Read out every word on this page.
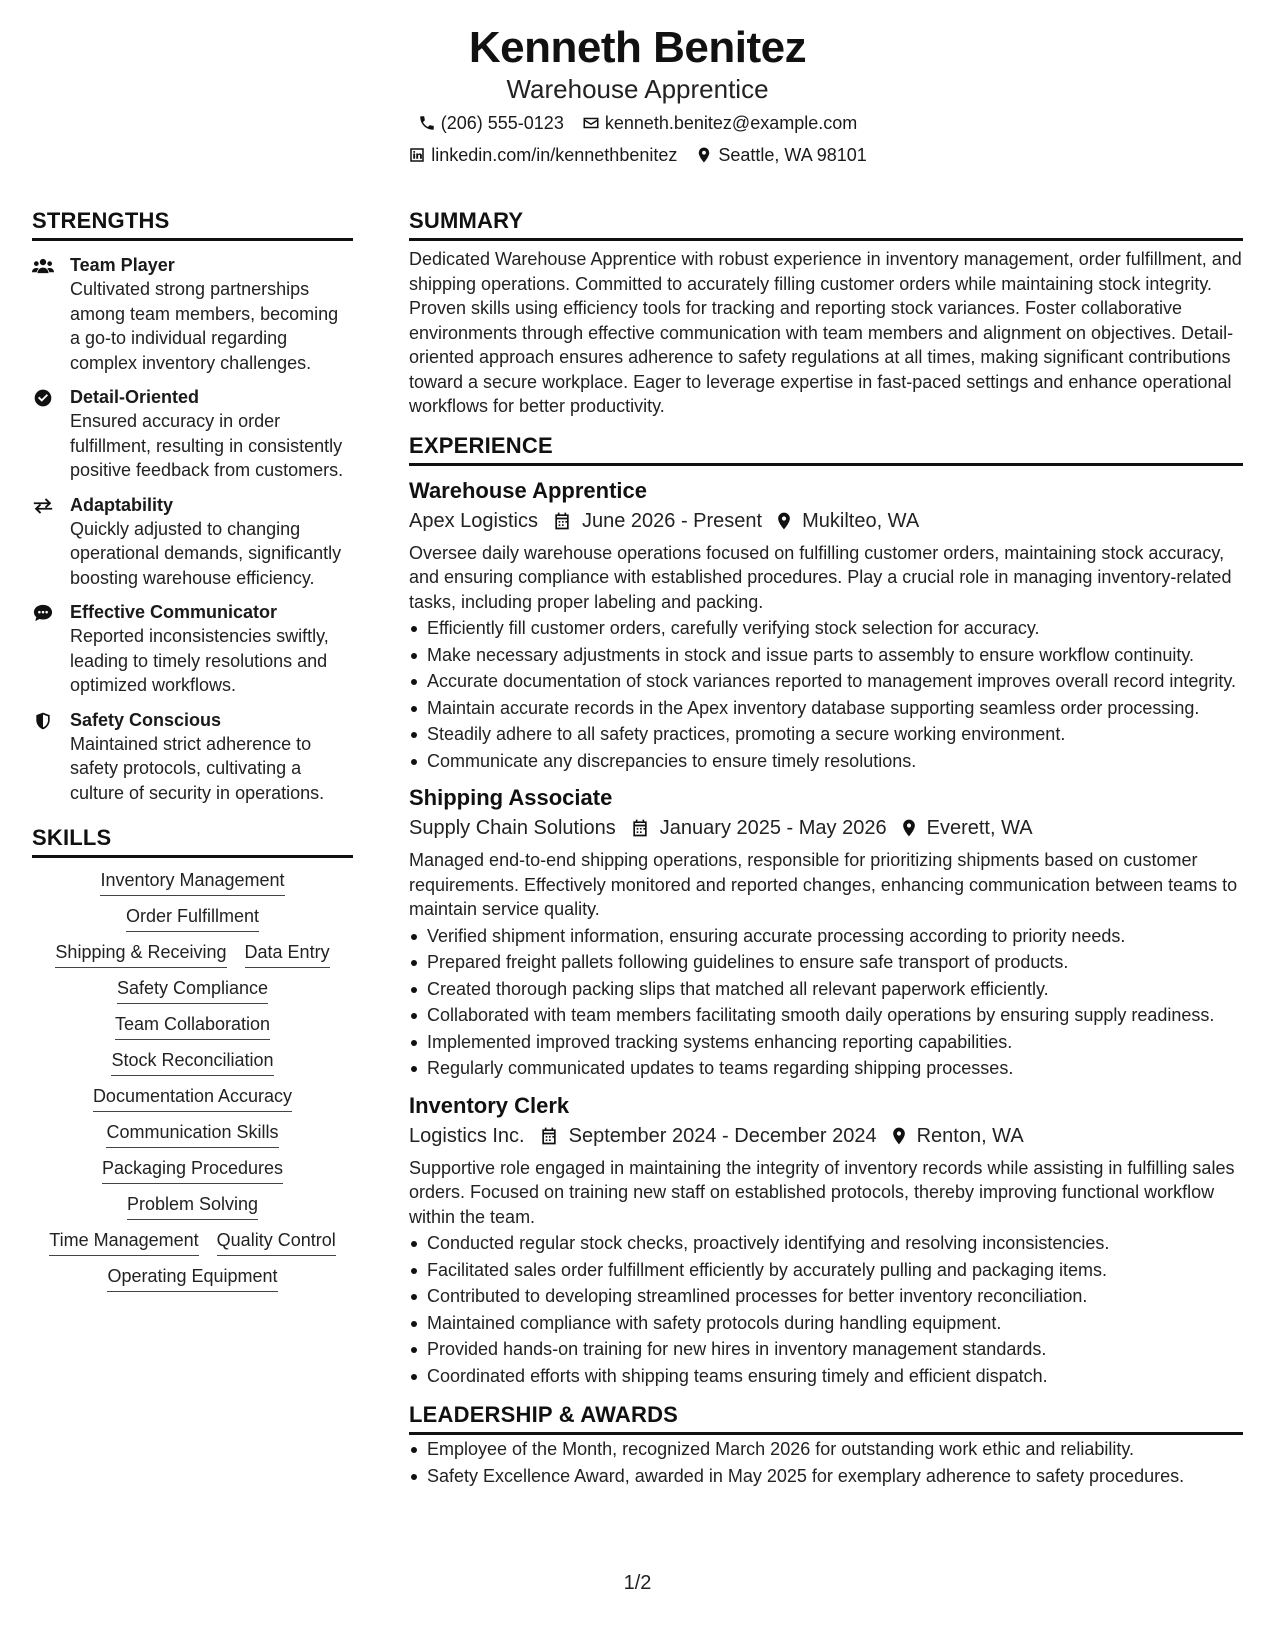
Kenneth Benitez
Warehouse Apprentice
(206) 555-0123 kenneth.benitez@example.com
linkedin.com/in/kennethbenitez Seattle, WA 98101
STRENGTHS
Team Player
Cultivated strong partnerships among team members, becoming a go-to individual regarding complex inventory challenges.
Detail-Oriented
Ensured accuracy in order fulfillment, resulting in consistently positive feedback from customers.
Adaptability
Quickly adjusted to changing operational demands, significantly boosting warehouse efficiency.
Effective Communicator
Reported inconsistencies swiftly, leading to timely resolutions and optimized workflows.
Safety Conscious
Maintained strict adherence to safety protocols, cultivating a culture of security in operations.
SKILLS
Inventory Management
Order Fulfillment
Shipping & Receiving Data Entry
Safety Compliance
Team Collaboration
Stock Reconciliation
Documentation Accuracy
Communication Skills
Packaging Procedures
Problem Solving
Time Management Quality Control
Operating Equipment
SUMMARY
Dedicated Warehouse Apprentice with robust experience in inventory management, order fulfillment, and shipping operations. Committed to accurately filling customer orders while maintaining stock integrity. Proven skills using efficiency tools for tracking and reporting stock variances. Foster collaborative environments through effective communication with team members and alignment on objectives. Detail-oriented approach ensures adherence to safety regulations at all times, making significant contributions toward a secure workplace. Eager to leverage expertise in fast-paced settings and enhance operational workflows for better productivity.
EXPERIENCE
Warehouse Apprentice
Apex Logistics June 2026 - Present Mukilteo, WA
Oversee daily warehouse operations focused on fulfilling customer orders, maintaining stock accuracy, and ensuring compliance with established procedures. Play a crucial role in managing inventory-related tasks, including proper labeling and packing.
Efficiently fill customer orders, carefully verifying stock selection for accuracy.
Make necessary adjustments in stock and issue parts to assembly to ensure workflow continuity.
Accurate documentation of stock variances reported to management improves overall record integrity.
Maintain accurate records in the Apex inventory database supporting seamless order processing.
Steadily adhere to all safety practices, promoting a secure working environment.
Communicate any discrepancies to ensure timely resolutions.
Shipping Associate
Supply Chain Solutions January 2025 - May 2026 Everett, WA
Managed end-to-end shipping operations, responsible for prioritizing shipments based on customer requirements. Effectively monitored and reported changes, enhancing communication between teams to maintain service quality.
Verified shipment information, ensuring accurate processing according to priority needs.
Prepared freight pallets following guidelines to ensure safe transport of products.
Created thorough packing slips that matched all relevant paperwork efficiently.
Collaborated with team members facilitating smooth daily operations by ensuring supply readiness.
Implemented improved tracking systems enhancing reporting capabilities.
Regularly communicated updates to teams regarding shipping processes.
Inventory Clerk
Logistics Inc. September 2024 - December 2024 Renton, WA
Supportive role engaged in maintaining the integrity of inventory records while assisting in fulfilling sales orders. Focused on training new staff on established protocols, thereby improving functional workflow within the team.
Conducted regular stock checks, proactively identifying and resolving inconsistencies.
Facilitated sales order fulfillment efficiently by accurately pulling and packaging items.
Contributed to developing streamlined processes for better inventory reconciliation.
Maintained compliance with safety protocols during handling equipment.
Provided hands-on training for new hires in inventory management standards.
Coordinated efforts with shipping teams ensuring timely and efficient dispatch.
LEADERSHIP & AWARDS
Employee of the Month, recognized March 2026 for outstanding work ethic and reliability.
Safety Excellence Award, awarded in May 2025 for exemplary adherence to safety procedures.
1/2
